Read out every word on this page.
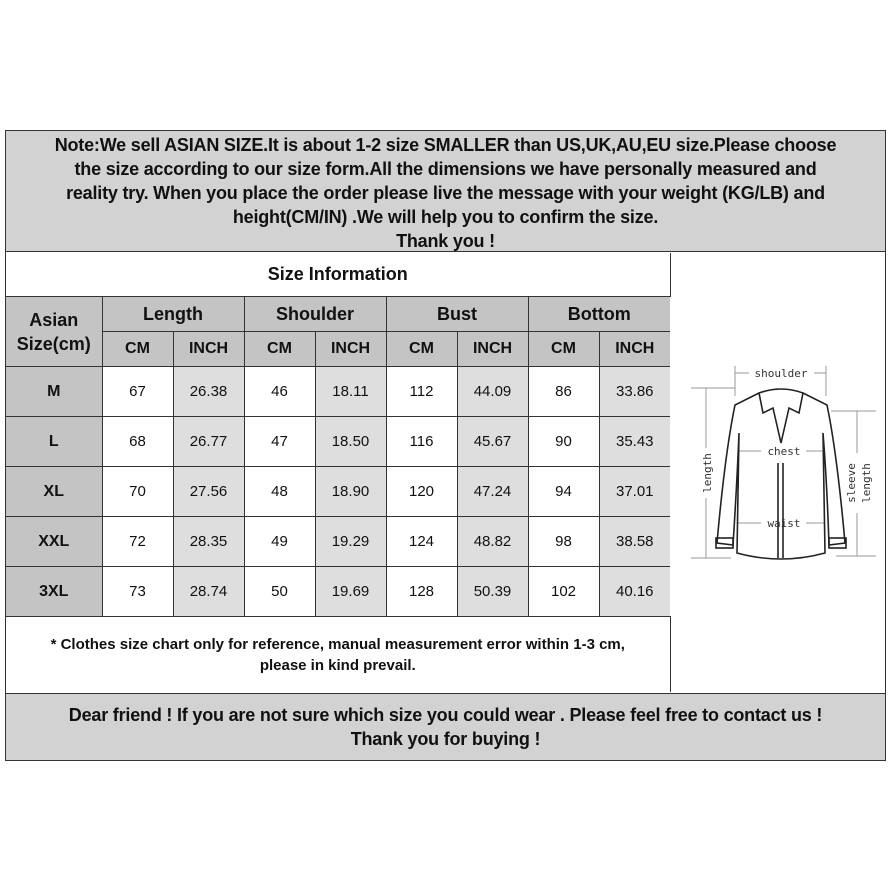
Note:We sell ASIAN SIZE.It is about 1-2 size SMALLER than US,UK,AU,EU size.Please choose
the size according to our size form.All the dimensions we have personally measured and
reality try. When you place the order please live the message with your weight (KG/LB) and
height(CM/IN) .We will help you to confirm the size.
Thank you !
Size Information								

Asian
Size(cm)	Length		Shoulder		Bust		Bottom	
	CM	INCH	CM	INCH	CM	INCH	CM	INCH
M	67	26.38	46	18.11	112	44.09	86	33.86
L	68	26.77	47	18.50	116	45.67	90	35.43
XL	70	27.56	48	18.90	120	47.24	94	37.01
XXL	72	28.35	49	19.29	124	48.82	98	38.58
3XL	73	28.74	50	19.69	128	50.39	102	40.16

* Clothes size chart only for reference, manual measurement error within 1-3 cm,
please in kind prevail.								
shoulder
chest
waist
length	sleeve length
Dear friend ! If you are not sure which size you could wear . Please feel free to contact us !
Thank you for buying !
